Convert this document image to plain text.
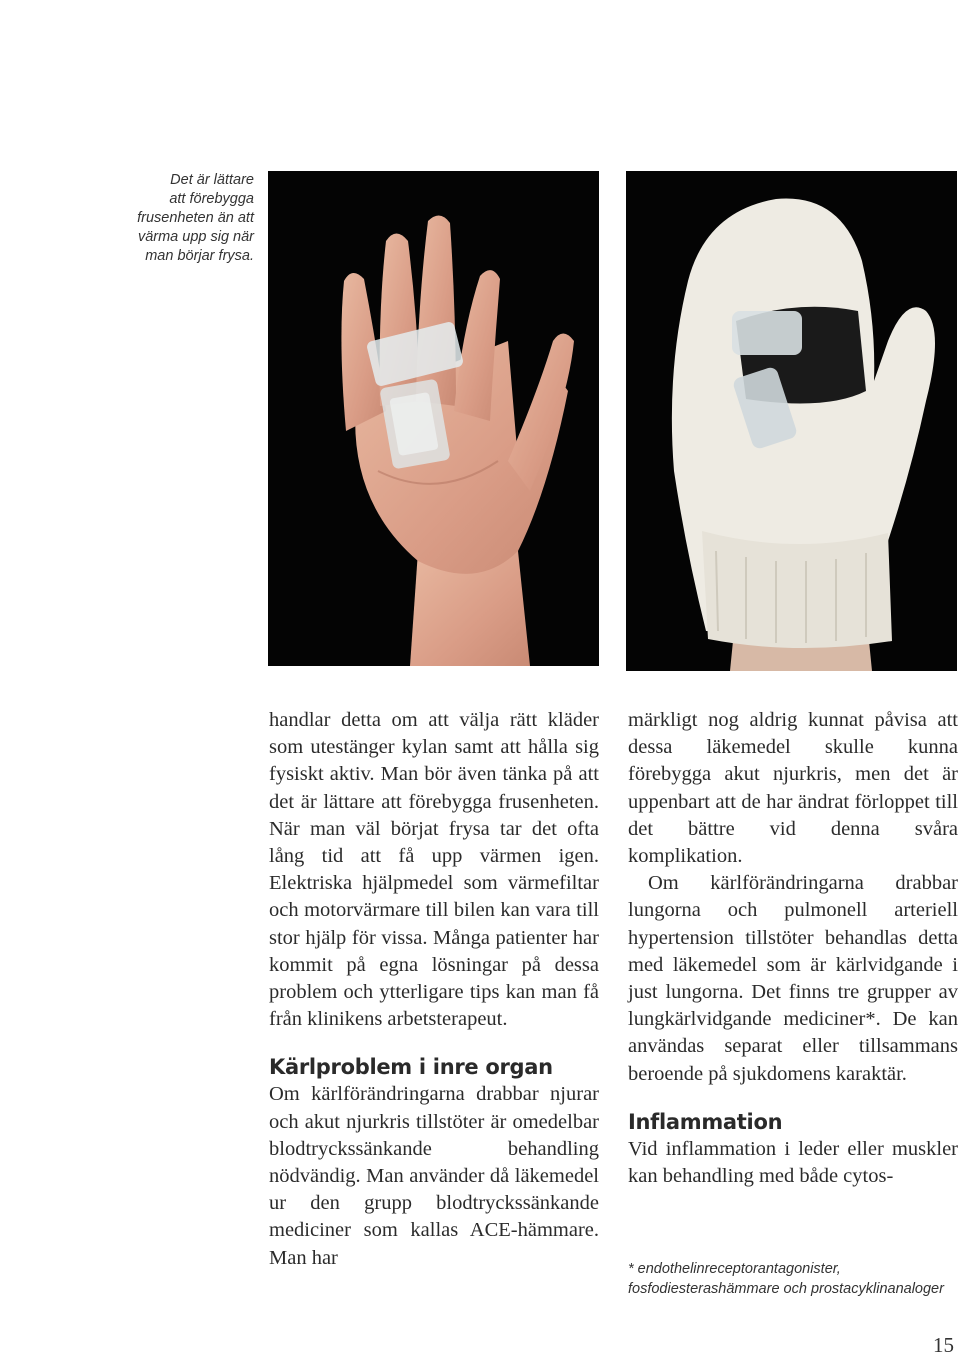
Det är lättare
att förebygga
frusenheten än att
värma upp sig när
man börjar frysa.

handlar detta om att välja rätt kläder som utestänger kylan samt att hålla sig fysiskt aktiv. Man bör även tänka på att det är lättare att förebygga frusenheten. När man väl börjat frysa tar det ofta lång tid att få upp värmen igen. Elektriska hjälpmedel som värmefiltar och motorvärmare till bilen kan vara till stor hjälp för vissa. Många patienter har kommit på egna lösningar på dessa problem och ytterligare tips kan man få från klinikens arbetsterapeut.

Kärlproblem i inre organ

Om kärlförändringarna drabbar njurar och akut njurkris tillstöter är omedelbar blodtryckssänkande behandling nödvändig. Man använder då läkemedel ur den grupp blodtryckssänkande mediciner som kallas ACE-hämmare. Man har

märkligt nog aldrig kunnat påvisa att dessa läkemedel skulle kunna förebygga akut njurkris, men det är uppenbart att de har ändrat förloppet till det bättre vid denna svåra komplikation.

Om kärlförändringarna drabbar lungorna och pulmonell arteriell hypertension tillstöter behandlas detta med läkemedel som är kärlvidgande i just lungorna. Det finns tre grupper av lungkärlvidgande mediciner*. De kan användas separat eller tillsammans beroende på sjukdomens karaktär.

Inflammation

Vid inflammation i leder eller muskler kan behandling med både cytos-

* endothelinreceptorantagonister, fosfodiesterashämmare och prostacyklinanaloger
15
